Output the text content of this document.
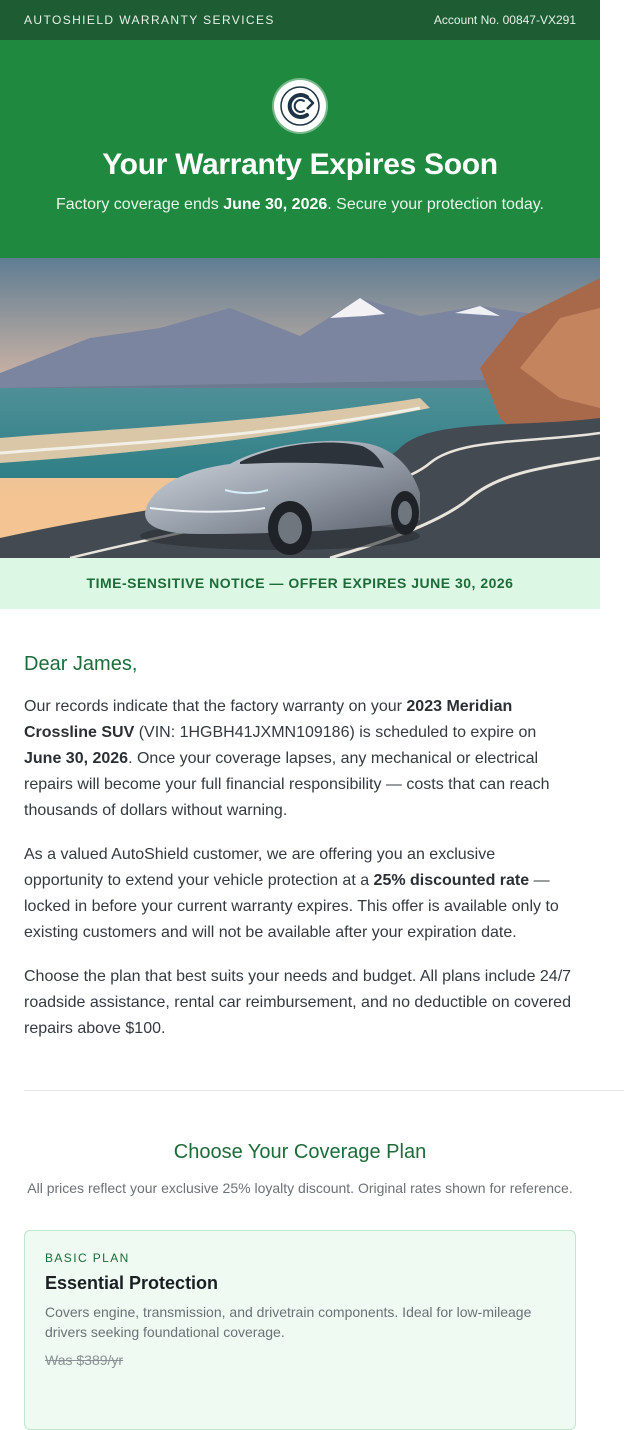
AUTOSHIELD WARRANTY SERVICES	Account No. 00847-VX291
Your Warranty Expires Soon

Factory coverage ends June 30, 2026. Secure your protection today.

TIME-SENSITIVE NOTICE — OFFER EXPIRES JUNE 30, 2026
Dear James,

Our records indicate that the factory warranty on your 2023 Meridian Crossline SUV (VIN: 1HGBH41JXMN109186) is scheduled to expire on June 30, 2026. Once your coverage lapses, any mechanical or electrical repairs will become your full financial responsibility — costs that can reach thousands of dollars without warning.

As a valued AutoShield customer, we are offering you an exclusive opportunity to extend your vehicle protection at a 25% discounted rate — locked in before your current warranty expires. This offer is available only to existing customers and will not be available after your expiration date.

Choose the plan that best suits your needs and budget. All plans include 24/7 roadside assistance, rental car reimbursement, and no deductible on covered repairs above $100.

Choose Your Coverage Plan

All prices reflect your exclusive 25% loyalty discount. Original rates shown for reference.

BASIC PLAN
Essential Protection
Covers engine, transmission, and drivetrain components. Ideal for low-mileage drivers seeking foundational coverage.
Was $389/yr
